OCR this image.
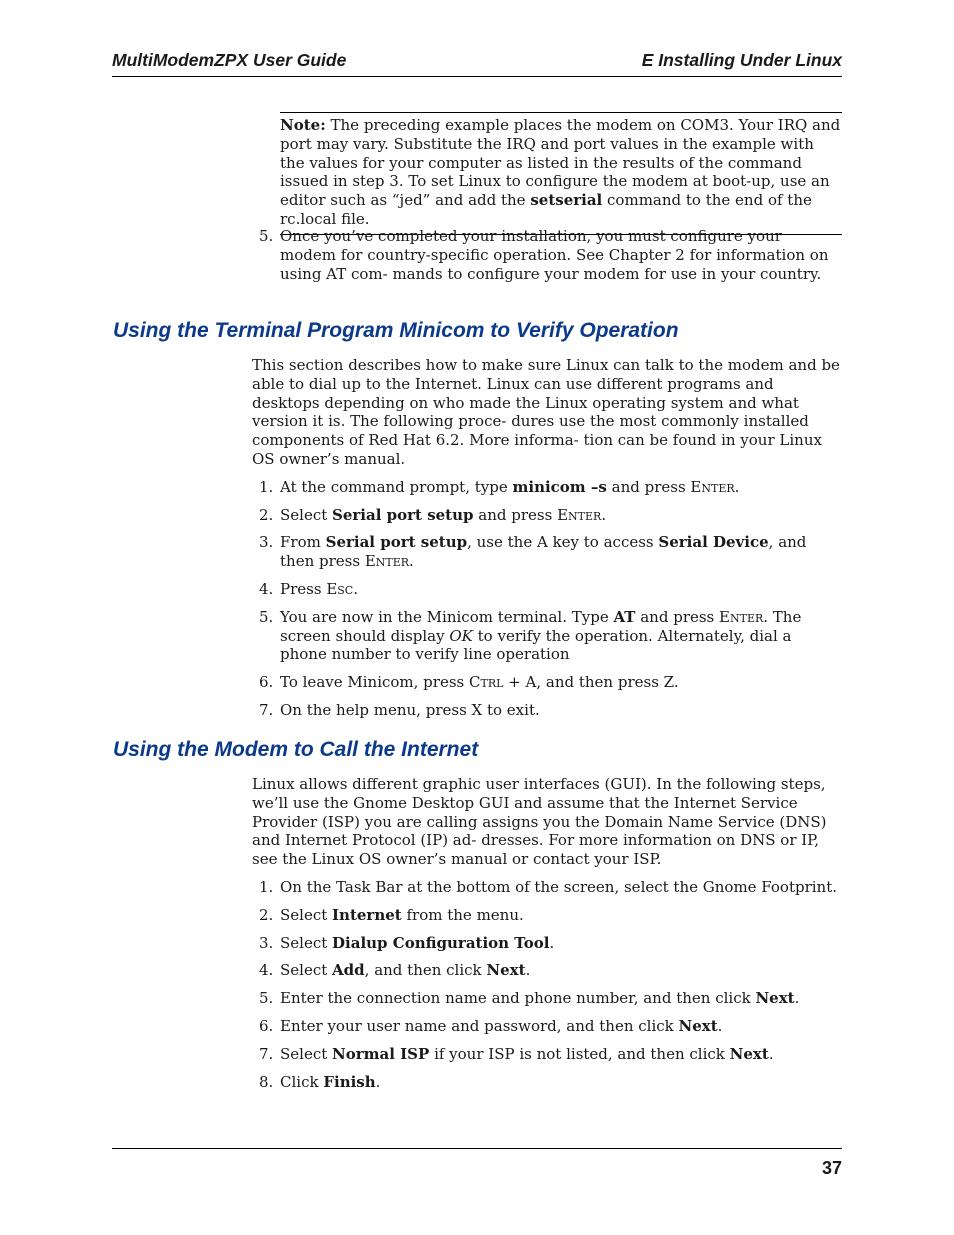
MultiModemZPX User Guide	E Installing Under Linux
Note: The preceding example places the modem on COM3. Your IRQ and port may vary. Substitute the IRQ and port values in the example with the values for your computer as listed in the results of the command issued in step 3. To set Linux to configure the modem at boot-up, use an editor such as “jed” and add the setserial command to the end of the rc.local file.
5. Once you’ve completed your installation, you must configure your modem for country-specific operation. See Chapter 2 for information on using AT com- mands to configure your modem for use in your country.
Using the Terminal Program Minicom to Verify Operation
This section describes how to make sure Linux can talk to the modem and be able to dial up to the Internet. Linux can use different programs and desktops depending on who made the Linux operating system and what version it is. The following proce- dures use the most commonly installed components of Red Hat 6.2. More informa- tion can be found in your Linux OS owner’s manual.
1. At the command prompt, type minicom –s and press Enter.
2. Select Serial port setup and press Enter.
3. From Serial port setup, use the A key to access Serial Device, and then press Enter.
4. Press Esc.
5. You are now in the Minicom terminal. Type AT and press Enter. The screen should display OK to verify the operation. Alternately, dial a phone number to verify line operation
6. To leave Minicom, press Ctrl + A, and then press Z.
7. On the help menu, press X to exit.
Using the Modem to Call the Internet
Linux allows different graphic user interfaces (GUI). In the following steps, we’ll use the Gnome Desktop GUI and assume that the Internet Service Provider (ISP) you are calling assigns you the Domain Name Service (DNS) and Internet Protocol (IP) ad- dresses. For more information on DNS or IP, see the Linux OS owner’s manual or contact your ISP.
1. On the Task Bar at the bottom of the screen, select the Gnome Footprint.
2. Select Internet from the menu.
3. Select Dialup Configuration Tool.
4. Select Add, and then click Next.
5. Enter the connection name and phone number, and then click Next.
6. Enter your user name and password, and then click Next.
7. Select Normal ISP if your ISP is not listed, and then click Next.
8. Click Finish.
37
